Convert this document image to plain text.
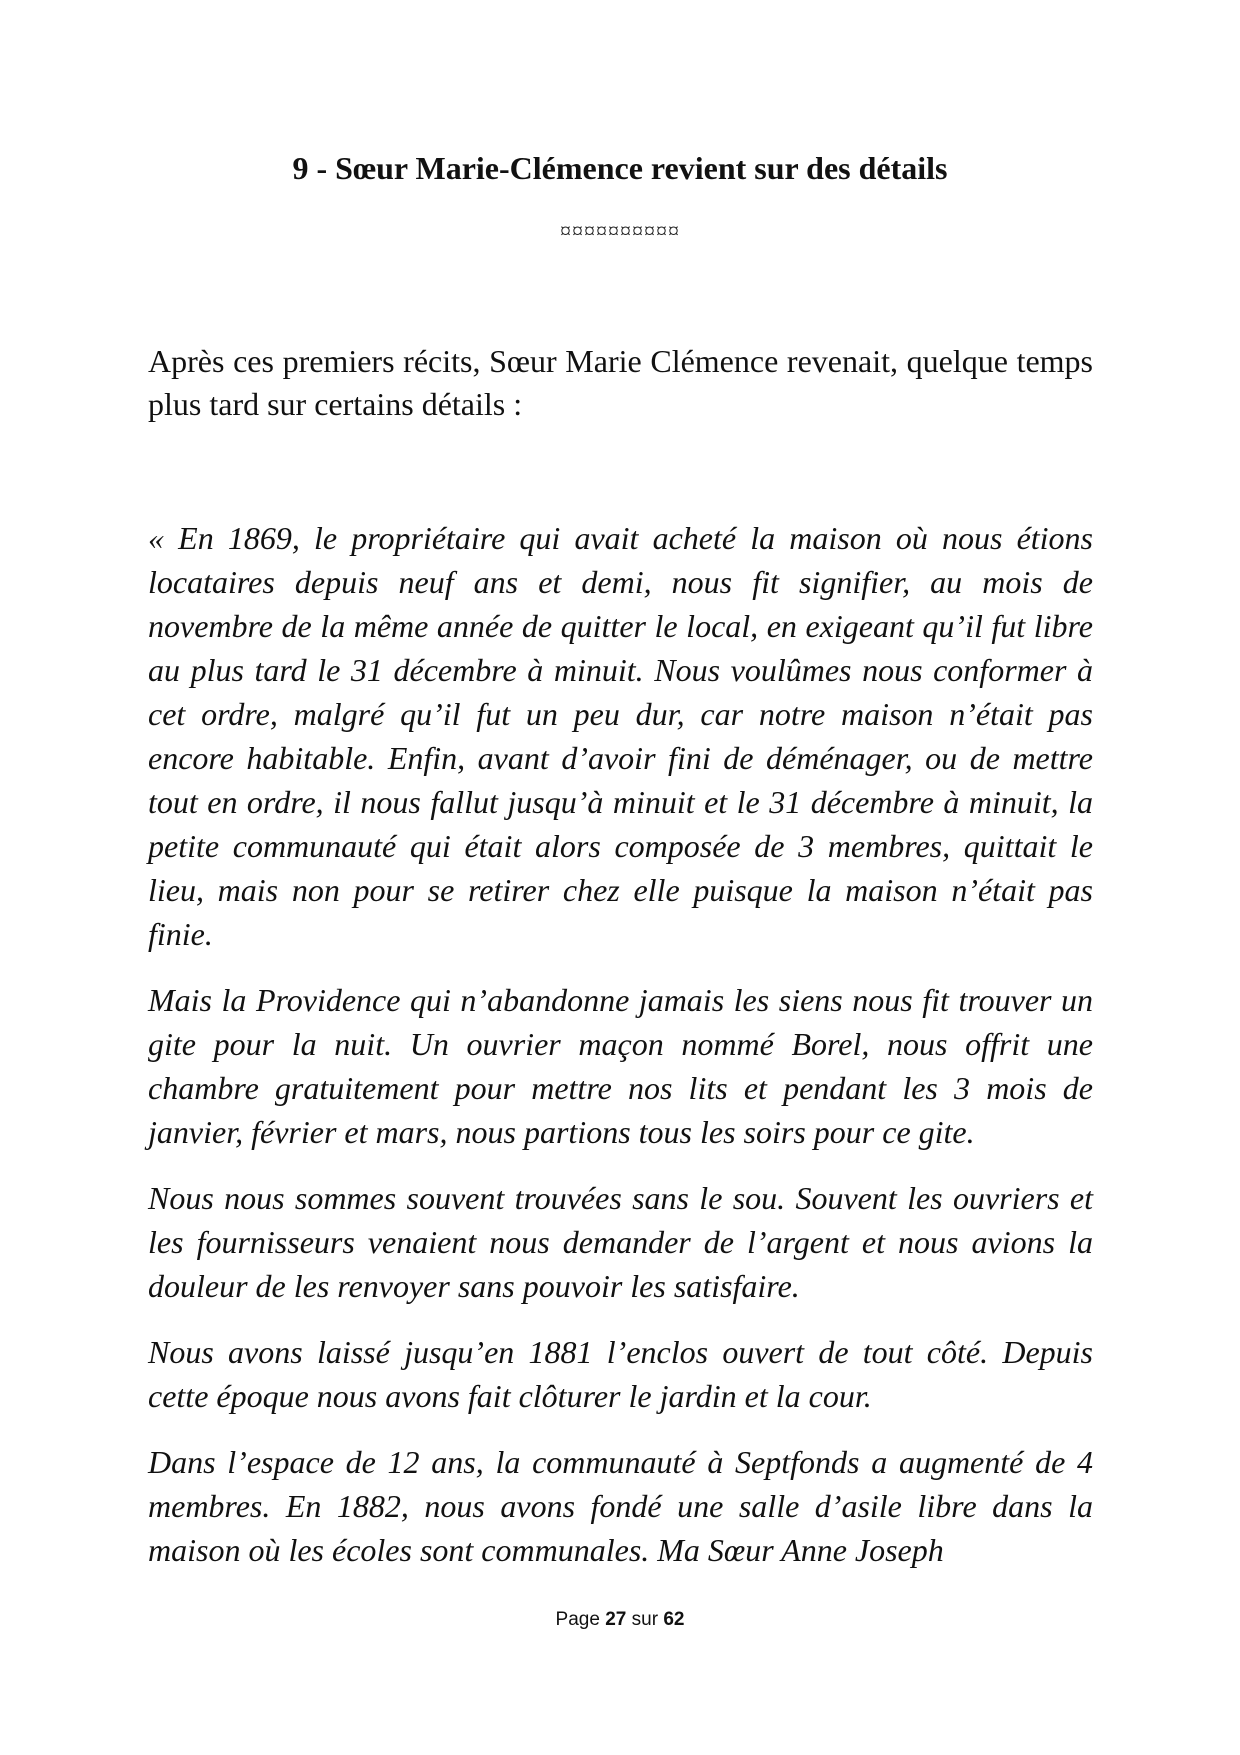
9 - Sœur Marie-Clémence revient sur des détails
¤¤¤¤¤¤¤¤¤¤

Après ces premiers récits, Sœur Marie Clémence revenait, quelque temps plus tard sur certains détails :

« En 1869, le propriétaire qui avait acheté la maison où nous étions locataires depuis neuf ans et demi, nous fit signifier, au mois de novembre de la même année de quitter le local, en exigeant qu’il fut libre au plus tard le 31 décembre à minuit. Nous voulûmes nous conformer à cet ordre, malgré qu’il fut un peu dur, car notre maison n’était pas encore habitable. Enfin, avant d’avoir fini de déménager, ou de mettre tout en ordre, il nous fallut jusqu’à minuit et le 31 décembre à minuit, la petite communauté qui était alors composée de 3 membres, quittait le lieu, mais non pour se retirer chez elle puisque la maison n’était pas finie.

Mais la Providence qui n’abandonne jamais les siens nous fit trouver un gite pour la nuit. Un ouvrier maçon nommé Borel, nous offrit une chambre gratuitement pour mettre nos lits et pendant les 3 mois de janvier, février et mars, nous partions tous les soirs pour ce gite.

Nous nous sommes souvent trouvées sans le sou. Souvent les ouvriers et les fournisseurs venaient nous demander de l’argent et nous avions la douleur de les renvoyer sans pouvoir les satisfaire.

Nous avons laissé jusqu’en 1881 l’enclos ouvert de tout côté. Depuis cette époque nous avons fait clôturer le jardin et la cour.

Dans l’espace de 12 ans, la communauté à Septfonds a augmenté de 4 membres. En 1882, nous avons fondé une salle d’asile libre dans la maison où les écoles sont communales. Ma Sœur Anne Joseph

Page 27 sur 62
